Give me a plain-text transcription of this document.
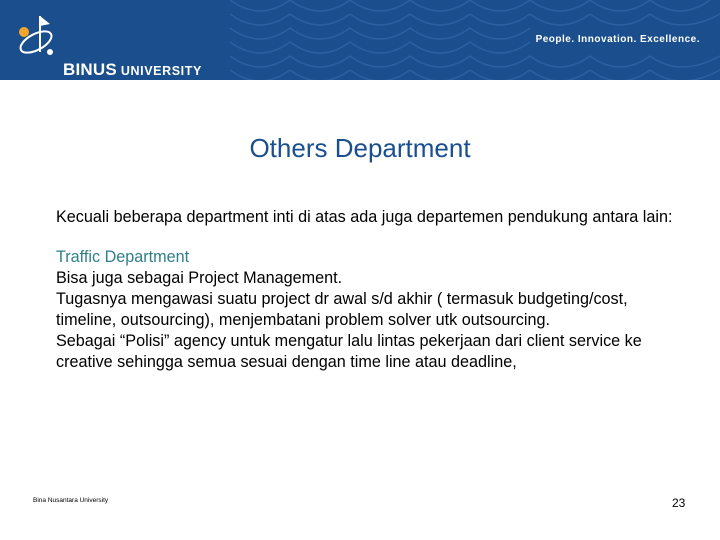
BINUS UNIVERSITY
People. Innovation. Excellence.
Others Department

Kecuali beberapa department inti di atas ada juga departemen pendukung antara lain:

Traffic Department

Bisa juga sebagai Project Management.

Tugasnya mengawasi suatu project dr awal s/d akhir ( termasuk budgeting/cost, timeline, outsourcing), menjembatani problem solver utk outsourcing.

Sebagai “Polisi” agency untuk mengatur lalu lintas pekerjaan dari client service ke creative sehingga semua sesuai dengan time line atau deadline,

Bina Nusantara University	23
